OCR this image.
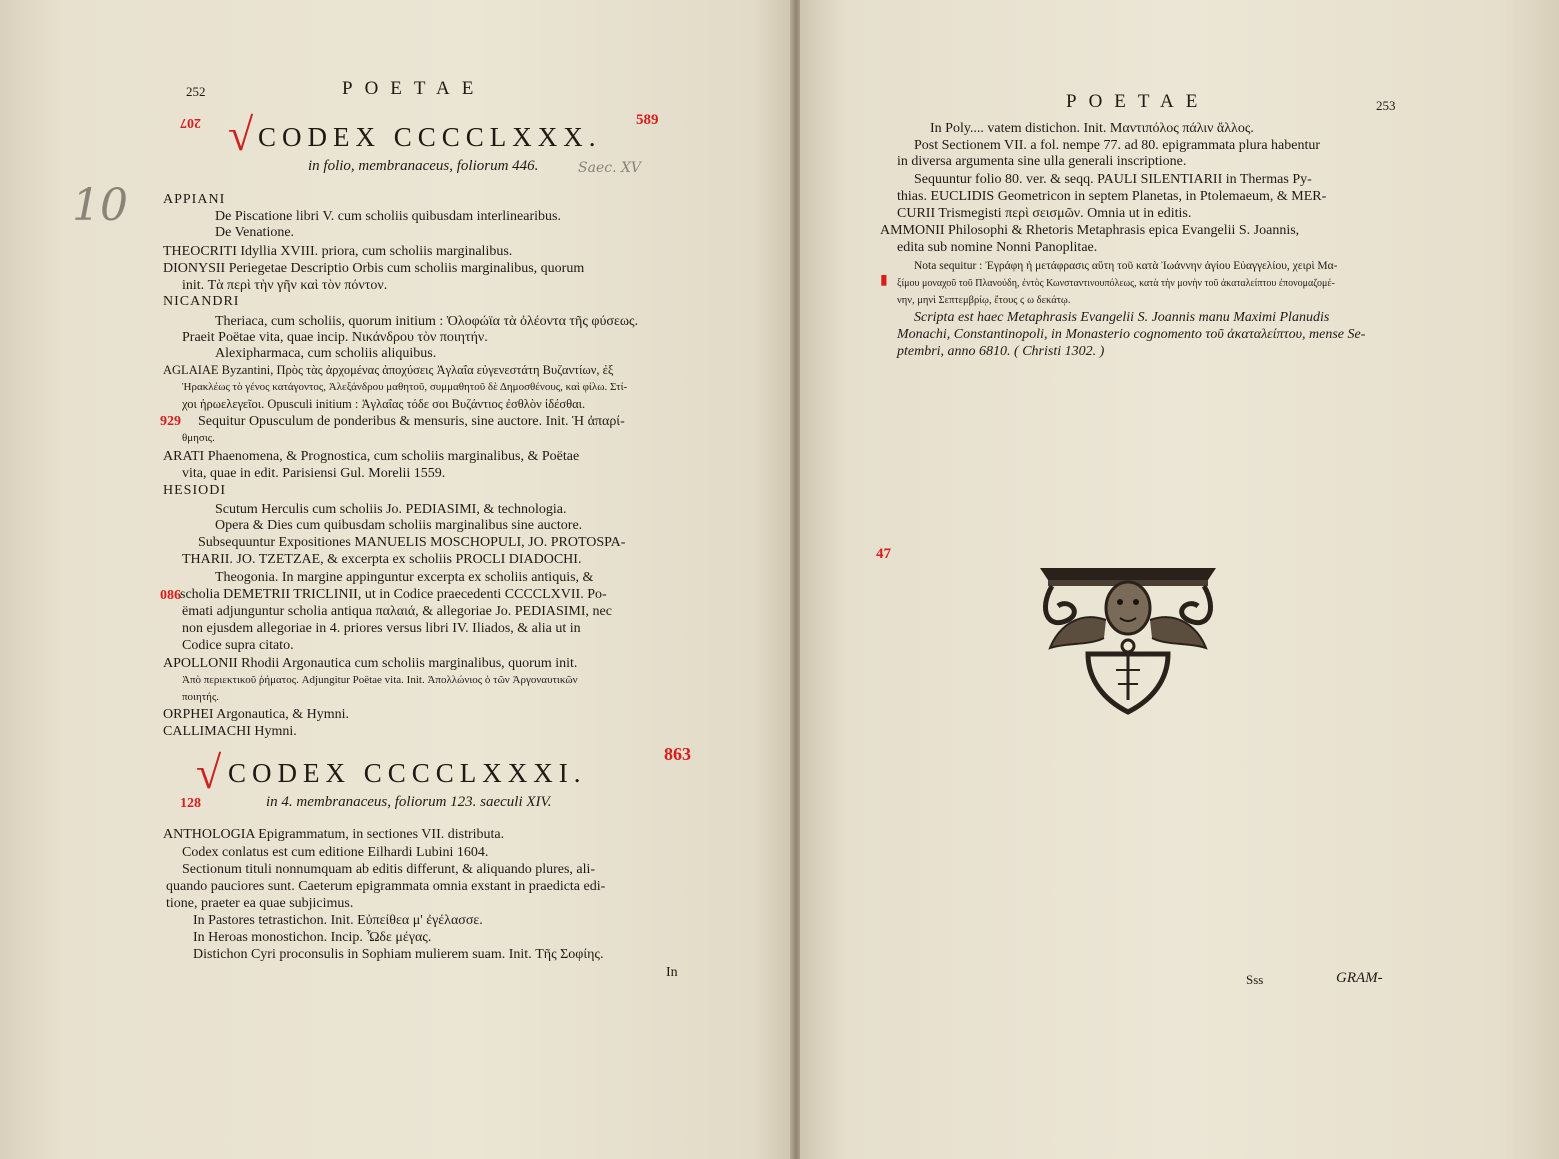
252	POETAE
207 √ CODEX CCCCLXXX.
589
in folio, membranaceus, foliorum 446.	Saec. XV
10	APPIANI
De Piscatione libri V. cum scholiis quibusdam interlinearibus.
De Venatione.
THEOCRITI Idyllia XVIII. priora, cum scholiis marginalibus.
DIONYSII Periegetae Descriptio Orbis cum scholiis marginalibus, quorum
init. Τὰ περὶ τὴν γῆν καὶ τὸν πόντον.
NICANDRI
Theriaca, cum scholiis, quorum initium : Ὀλοφώϊα τὰ ὀλέοντα τῆς φύσεως.
Praeit Poëtae vita, quae incip. Νικάνδρου τὸν ποιητήν.
Alexipharmaca, cum scholiis aliquibus.
AGLAIAE Byzantini, Πρὸς τὰς ἀρχομένας ἀποχύσεις Ἀγλαΐα εὐγενεστάτη Βυζαντίων, ἐξ
Ἡρακλέως τὸ γένος κατάγοντος, Ἀλεξάνδρου μαθητοῦ, συμμαθητοῦ δὲ Δημοσθένους, καὶ φίλω. Στί-
χοι ἡρωελεγεῖοι. Opusculi initium : Ἀγλαΐας τόδε σοι Βυζάντιος ἐσθλὸν ἰδέσθαι.
929 Sequitur Opusculum de ponderibus & mensuris, sine auctore. Init. Ἡ ἀπαρί-
θμησις.
ARATI Phaenomena, & Prognostica, cum scholiis marginalibus, & Poëtae
vita, quae in edit. Parisiensi Gul. Morelii 1559.
HESIODI
Scutum Herculis cum scholiis Jo. PEDIASIMI, & technologia.
Opera & Dies cum quibusdam scholiis marginalibus sine auctore.
Subsequuntur Expositiones MANUELIS MOSCHOPULI, JO. PROTOSPA-
THARII. JO. TZETZAE, & excerpta ex scholiis PROCLI DIADOCHI.
Theogonia. In margine appinguntur excerpta ex scholiis antiquis, &
086 scholia DEMETRII TRICLINII, ut in Codice praecedenti CCCCLXVII. Po-
ëmati adjunguntur scholia antiqua παλαιά, & allegoriae Jo. PEDIASIMI, nec
non ejusdem allegoriae in 4. priores versus libri IV. Iliados, & alia ut in
Codice supra citato.
APOLLONII Rhodii Argonautica cum scholiis marginalibus, quorum init.
Ἀπὸ περιεκτικοῦ ῥήματος. Adjungitur Poëtae vita. Init. Ἀπολλώνιος ὁ τῶν Ἀργοναυτικῶν
ποιητής.
ORPHEI Argonautica, & Hymni.
CALLIMACHI Hymni.
√
128
CODEX CCCCLXXXI.
863
in 4. membranaceus, foliorum 123. saeculi XIV.
ANTHOLOGIA Epigrammatum, in sectiones VII. distributa.
Codex conlatus est cum editione Eilhardi Lubini 1604.
Sectionum tituli nonnumquam ab editis differunt, & aliquando plures, ali-
quando pauciores sunt. Caeterum epigrammata omnia exstant in praedicta edi-
tione, praeter ea quae subjicimus.
In Pastores tetrastichon. Init. Εὐπείθεα μ' ἐγέλασσε.
In Heroas monostichon. Incip. Ὧδε μέγας.
Distichon Cyri proconsulis in Sophiam mulierem suam. Init. Τῆς Σοφίης.
In
POETAE	253
In Poly.... vatem distichon. Init. Μαντιπόλος πάλιν ἄλλος.
Post Sectionem VII. a fol. nempe 77. ad 80. epigrammata plura habentur
in diversa argumenta sine ulla generali inscriptione.
Sequuntur folio 80. ver. & seqq. PAULI SILENTIARII in Thermas Py-
thias. EUCLIDIS Geometricon in septem Planetas, in Ptolemaeum, & MER-
CURII Trismegisti περὶ σεισμῶν. Omnia ut in editis.
AMMONII Philosophi & Rhetoris Metaphrasis epica Evangelii S. Joannis,
edita sub nomine Nonni Panoplitae.
Nota sequitur : Ἐγράφη ἡ μετάφρασις αὕτη τοῦ κατὰ Ἰωάννην ἁγίου Εὐαγγελίου, χειρὶ Μα-
▮ ξίμου μοναχοῦ τοῦ Πλανούδη, ἐντὸς Κωνσταντινουπόλεως, κατὰ τὴν μονὴν τοῦ ἀκαταλείπτου ἐπονομαζομέ-
νην, μηνὶ Σεπτεμβρίῳ, ἔτους ϛ ω δεκάτῳ.
Scripta est haec Metaphrasis Evangelii S. Joannis manu Maximi Planudis
Monachi, Constantinopoli, in Monasterio cognomento τοῦ ἀκαταλείπτου, mense Se-
ptembri, anno 6810. ( Christi 1302. )
47
Sss	GRAM-
